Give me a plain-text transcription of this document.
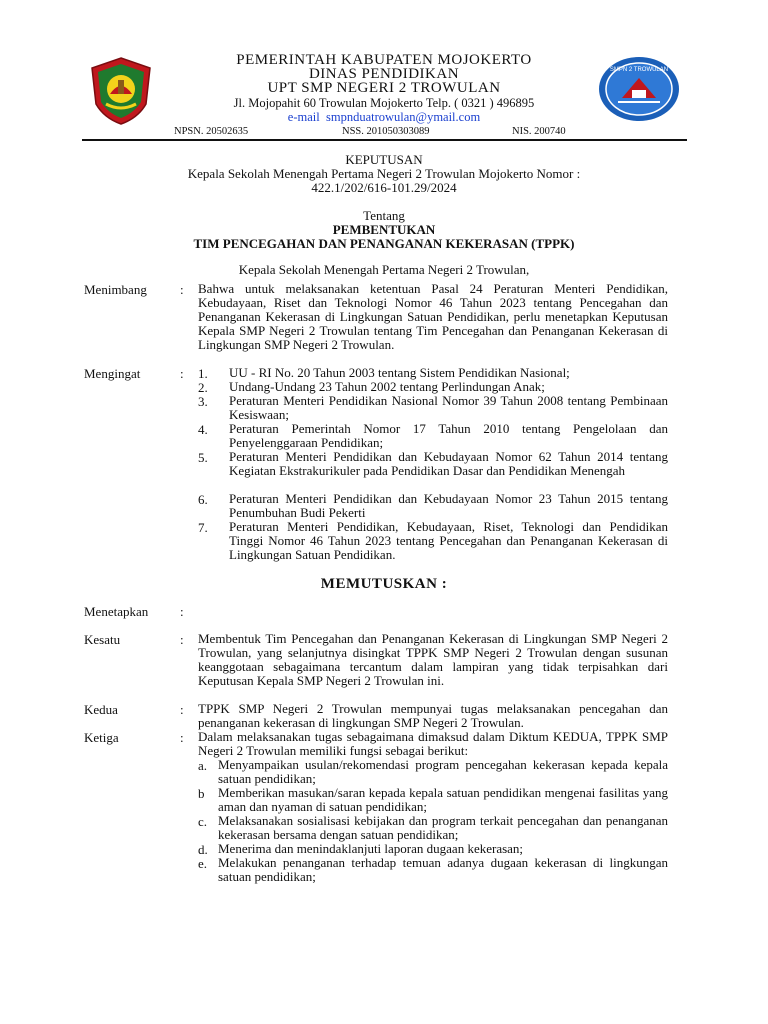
SMPN 2 TROWULAN
PEMERINTAH KABUPATEN MOJOKERTO
DINAS PENDIDIKAN
UPT SMP NEGERI 2 TROWULAN
Jl. Mojopahit 60 Trowulan Mojokerto Telp. ( 0321 ) 496895
e-mail smpnduatrowulan@ymail.com
NPSN. 20502635	NSS. 201050303089	NIS. 200740
KEPUTUSAN
Kepala Sekolah Menengah Pertama Negeri 2 Trowulan Mojokerto Nomor :
422.1/202/616-101.29/2024
Tentang
PEMBENTUKAN
TIM PENCEGAHAN DAN PENANGANAN KEKERASAN (TPPK)
Kepala Sekolah Menengah Pertama Negeri 2 Trowulan,
Menimbang	: Bahwa untuk melaksanakan ketentuan Pasal 24 Peraturan Menteri Pendidikan, Kebudayaan, Riset dan Teknologi Nomor 46 Tahun 2023 tentang Pencegahan dan Penanganan Kekerasan di Lingkungan Satuan Pendidikan, perlu menetapkan Keputusan Kepala SMP Negeri 2 Trowulan tentang Tim Pencegahan dan Penanganan Kekerasan di Lingkungan SMP Negeri 2 Trowulan.
Mengingat	: 1. UU - RI No. 20 Tahun 2003 tentang Sistem Pendidikan Nasional;
2. Undang-Undang 23 Tahun 2002 tentang Perlindungan Anak;
3. Peraturan Menteri Pendidikan Nasional Nomor 39 Tahun 2008 tentang Pembinaan Kesiswaan;
4. Peraturan Pemerintah Nomor 17 Tahun 2010 tentang Pengelolaan dan Penyelenggaraan Pendidikan;
5. Peraturan Menteri Pendidikan dan Kebudayaan Nomor 62 Tahun 2014 tentang Kegiatan Ekstrakurikuler pada Pendidikan Dasar dan Pendidikan Menengah
6. Peraturan Menteri Pendidikan dan Kebudayaan Nomor 23 Tahun 2015 tentang Penumbuhan Budi Pekerti
7. Peraturan Menteri Pendidikan, Kebudayaan, Riset, Teknologi dan Pendidikan Tinggi Nomor 46 Tahun 2023 tentang Pencegahan dan Penanganan Kekerasan di Lingkungan Satuan Pendidikan.
MEMUTUSKAN :
Menetapkan :
Kesatu	: Membentuk Tim Pencegahan dan Penanganan Kekerasan di Lingkungan SMP Negeri 2 Trowulan, yang selanjutnya disingkat TPPK SMP Negeri 2 Trowulan dengan susunan keanggotaan sebagaimana tercantum dalam lampiran yang tidak terpisahkan dari Keputusan Kepala SMP Negeri 2 Trowulan ini.
Kedua	: TPPK SMP Negeri 2 Trowulan mempunyai tugas melaksanakan pencegahan dan penanganan kekerasan di lingkungan SMP Negeri 2 Trowulan.
Ketiga	: Dalam melaksanakan tugas sebagaimana dimaksud dalam Diktum KEDUA, TPPK SMP Negeri 2 Trowulan memiliki fungsi sebagai berikut:
a. Menyampaikan usulan/rekomendasi program pencegahan kekerasan kepada kepala satuan pendidikan;
b Memberikan masukan/saran kepada kepala satuan pendidikan mengenai fasilitas yang aman dan nyaman di satuan pendidikan;
c. Melaksanakan sosialisasi kebijakan dan program terkait pencegahan dan penanganan kekerasan bersama dengan satuan pendidikan;
d. Menerima dan menindaklanjuti laporan dugaan kekerasan;
e. Melakukan penanganan terhadap temuan adanya dugaan kekerasan di lingkungan satuan pendidikan;
